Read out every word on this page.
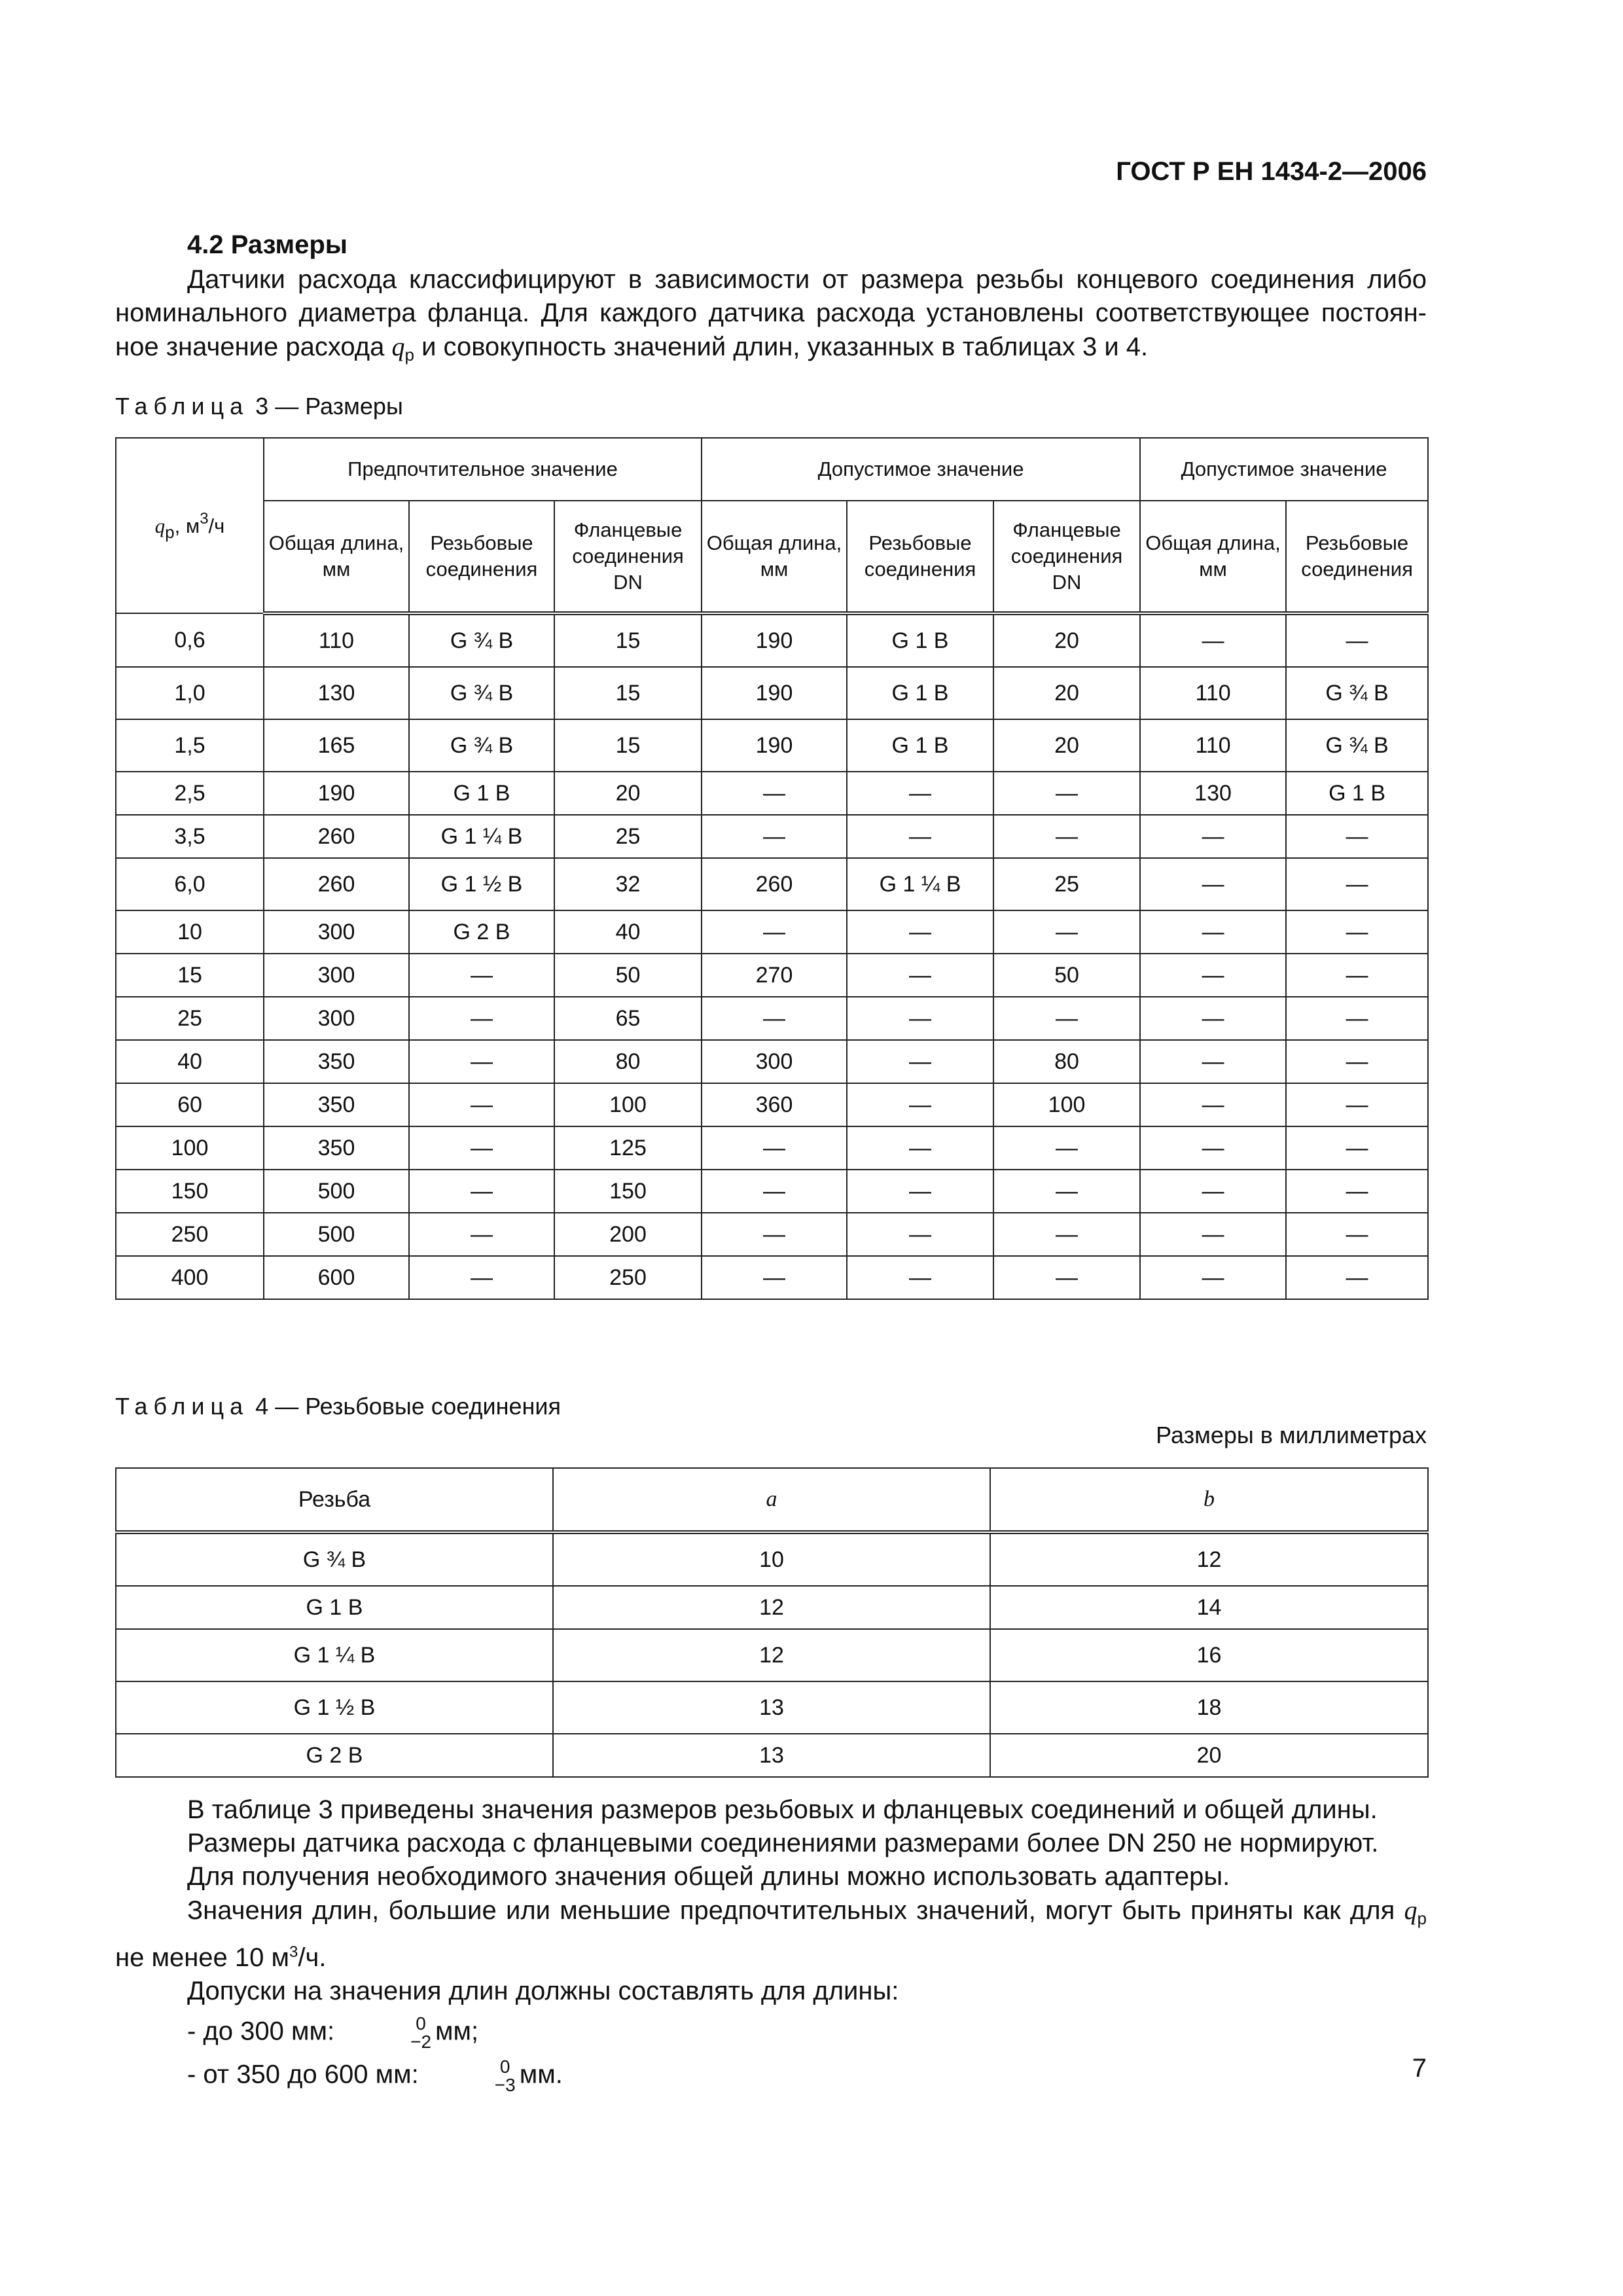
ГОСТ Р ЕН 1434-2—2006
4.2 Размеры

Датчики расхода классифицируют в зависимости от размера резьбы концевого соединения либо

номинального диаметра фланца. Для каждого датчика расхода установлены соответствующее постоян-

ное значение расхода $q_p$ и совокупность значений длин, указанных в таблицах 3 и 4.

Таблица 3 — Размеры
$q_p$, $м^3/ч$	Предпочтительное значение			Допустимое значение			Допустимое значение	
	Общая длина, мм	Резьбовые соединения	Фланцевые соединения DN	Общая длина, мм	Резьбовые соединения	Фланцевые соединения DN	Общая длина, мм	Резьбовые соединения
0,6	110	G ¾ B	15	190	G 1 B	20	—	—
1,0	130	G ¾ B	15	190	G 1 B	20	110	G ¾ B
1,5	165	G ¾ B	15	190	G 1 B	20	110	G ¾ B
2,5	190	G 1 B	20	—	—	—	130	G 1 B
3,5	260	G 1 ¼ B	25	—	—	—	—	—
6,0	260	G 1 ½ B	32	260	G 1 ¼ B	25	—	—
10	300	G 2 B	40	—	—	—	—	—
15	300	—	50	270	—	50	—	—
25	300	—	65	—	—	—	—	—
40	350	—	80	300	—	80	—	—
60	350	—	100	360	—	100	—	—
100	350	—	125	—	—	—	—	—
150	500	—	150	—	—	—	—	—
250	500	—	200	—	—	—	—	—
400	600	—	250	—	—	—	—	—
Таблица 4 — Резьбовые соединения
Размеры в миллиметрах
Резьба	a	b
G ¾ B	10	12
G 1 B	12	14
G 1 ¼ B	12	16
G 1 ½ B	13	18
G 2 B	13	20

В таблице 3 приведены значения размеров резьбовых и фланцевых соединений и общей длины.

Размеры датчика расхода с фланцевыми соединениями размерами более DN 250 не нормируют.

Для получения необходимого значения общей длины можно использовать адаптеры.

Значения длин, большие или меньшие предпочтительных значений, могут быть приняты как для $q_p$

не менее 10 $м^3/ч$.

Допуски на значения длин должны составлять для длины:

- до 300 мм:	0
−2 мм;

- от 350 до 600 мм:	0
−3 мм.	7
